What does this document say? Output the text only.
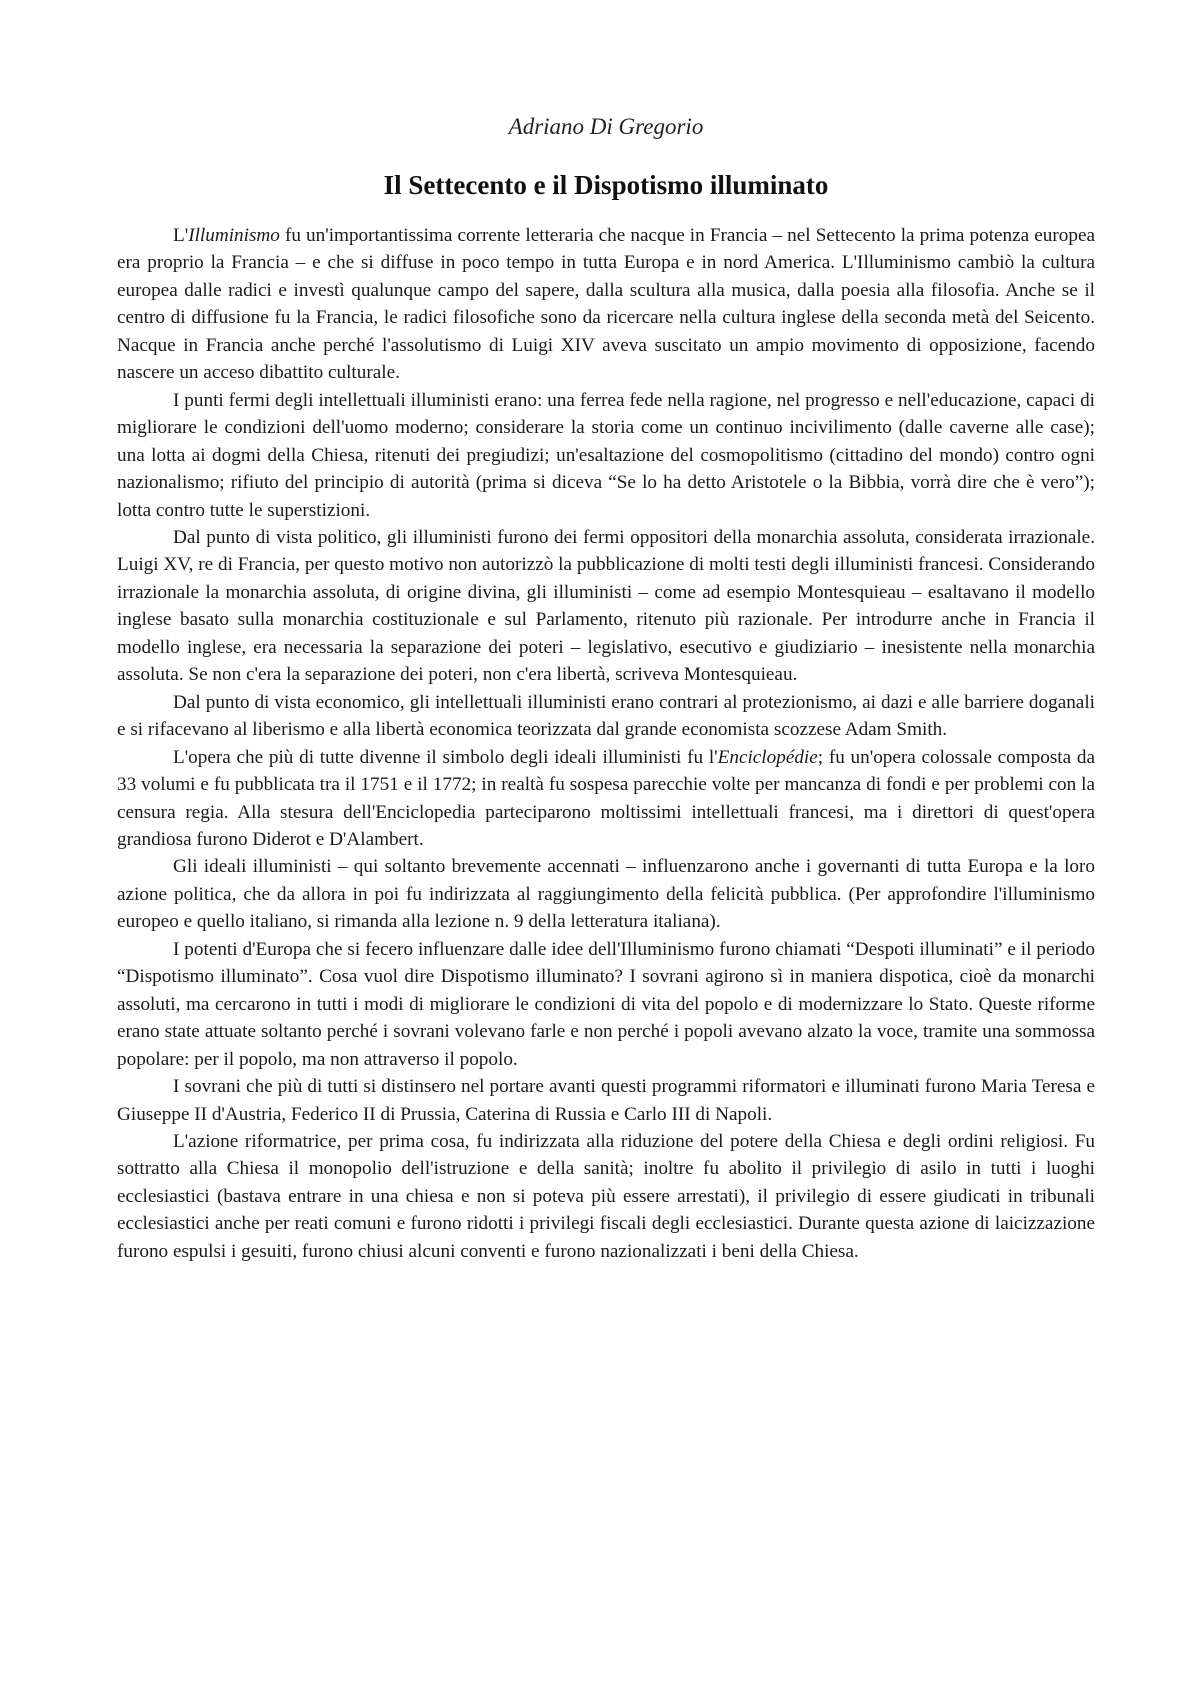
Adriano Di Gregorio

Il Settecento e il Dispotismo illuminato

L'Illuminismo fu un'importantissima corrente letteraria che nacque in Francia – nel Settecento la prima potenza europea era proprio la Francia – e che si diffuse in poco tempo in tutta Europa e in nord America. L'Illuminismo cambiò la cultura europea dalle radici e investì qualunque campo del sapere, dalla scultura alla musica, dalla poesia alla filosofia. Anche se il centro di diffusione fu la Francia, le radici filosofiche sono da ricercare nella cultura inglese della seconda metà del Seicento. Nacque in Francia anche perché l'assolutismo di Luigi XIV aveva suscitato un ampio movimento di opposizione, facendo nascere un acceso dibattito culturale.

I punti fermi degli intellettuali illuministi erano: una ferrea fede nella ragione, nel progresso e nell'educazione, capaci di migliorare le condizioni dell'uomo moderno; considerare la storia come un continuo incivilimento (dalle caverne alle case); una lotta ai dogmi della Chiesa, ritenuti dei pregiudizi; un'esaltazione del cosmopolitismo (cittadino del mondo) contro ogni nazionalismo; rifiuto del principio di autorità (prima si diceva “Se lo ha detto Aristotele o la Bibbia, vorrà dire che è vero”); lotta contro tutte le superstizioni.

Dal punto di vista politico, gli illuministi furono dei fermi oppositori della monarchia assoluta, considerata irrazionale. Luigi XV, re di Francia, per questo motivo non autorizzò la pubblicazione di molti testi degli illuministi francesi. Considerando irrazionale la monarchia assoluta, di origine divina, gli illuministi – come ad esempio Montesquieau – esaltavano il modello inglese basato sulla monarchia costituzionale e sul Parlamento, ritenuto più razionale. Per introdurre anche in Francia il modello inglese, era necessaria la separazione dei poteri – legislativo, esecutivo e giudiziario – inesistente nella monarchia assoluta. Se non c'era la separazione dei poteri, non c'era libertà, scriveva Montesquieau.

Dal punto di vista economico, gli intellettuali illuministi erano contrari al protezionismo, ai dazi e alle barriere doganali e si rifacevano al liberismo e alla libertà economica teorizzata dal grande economista scozzese Adam Smith.

L'opera che più di tutte divenne il simbolo degli ideali illuministi fu l'Enciclopédie; fu un'opera colossale composta da 33 volumi e fu pubblicata tra il 1751 e il 1772; in realtà fu sospesa parecchie volte per mancanza di fondi e per problemi con la censura regia. Alla stesura dell'Enciclopedia parteciparono moltissimi intellettuali francesi, ma i direttori di quest'opera grandiosa furono Diderot e D'Alambert.

Gli ideali illuministi – qui soltanto brevemente accennati – influenzarono anche i governanti di tutta Europa e la loro azione politica, che da allora in poi fu indirizzata al raggiungimento della felicità pubblica. (Per approfondire l'illuminismo europeo e quello italiano, si rimanda alla lezione n. 9 della letteratura italiana).

I potenti d'Europa che si fecero influenzare dalle idee dell'Illuminismo furono chiamati “Despoti illuminati” e il periodo “Dispotismo illuminato”. Cosa vuol dire Dispotismo illuminato? I sovrani agirono sì in maniera dispotica, cioè da monarchi assoluti, ma cercarono in tutti i modi di migliorare le condizioni di vita del popolo e di modernizzare lo Stato. Queste riforme erano state attuate soltanto perché i sovrani volevano farle e non perché i popoli avevano alzato la voce, tramite una sommossa popolare: per il popolo, ma non attraverso il popolo.

I sovrani che più di tutti si distinsero nel portare avanti questi programmi riformatori e illuminati furono Maria Teresa e Giuseppe II d'Austria, Federico II di Prussia, Caterina di Russia e Carlo III di Napoli.

L'azione riformatrice, per prima cosa, fu indirizzata alla riduzione del potere della Chiesa e degli ordini religiosi. Fu sottratto alla Chiesa il monopolio dell'istruzione e della sanità; inoltre fu abolito il privilegio di asilo in tutti i luoghi ecclesiastici (bastava entrare in una chiesa e non si poteva più essere arrestati), il privilegio di essere giudicati in tribunali ecclesiastici anche per reati comuni e furono ridotti i privilegi fiscali degli ecclesiastici. Durante questa azione di laicizzazione furono espulsi i gesuiti, furono chiusi alcuni conventi e furono nazionalizzati i beni della Chiesa.
